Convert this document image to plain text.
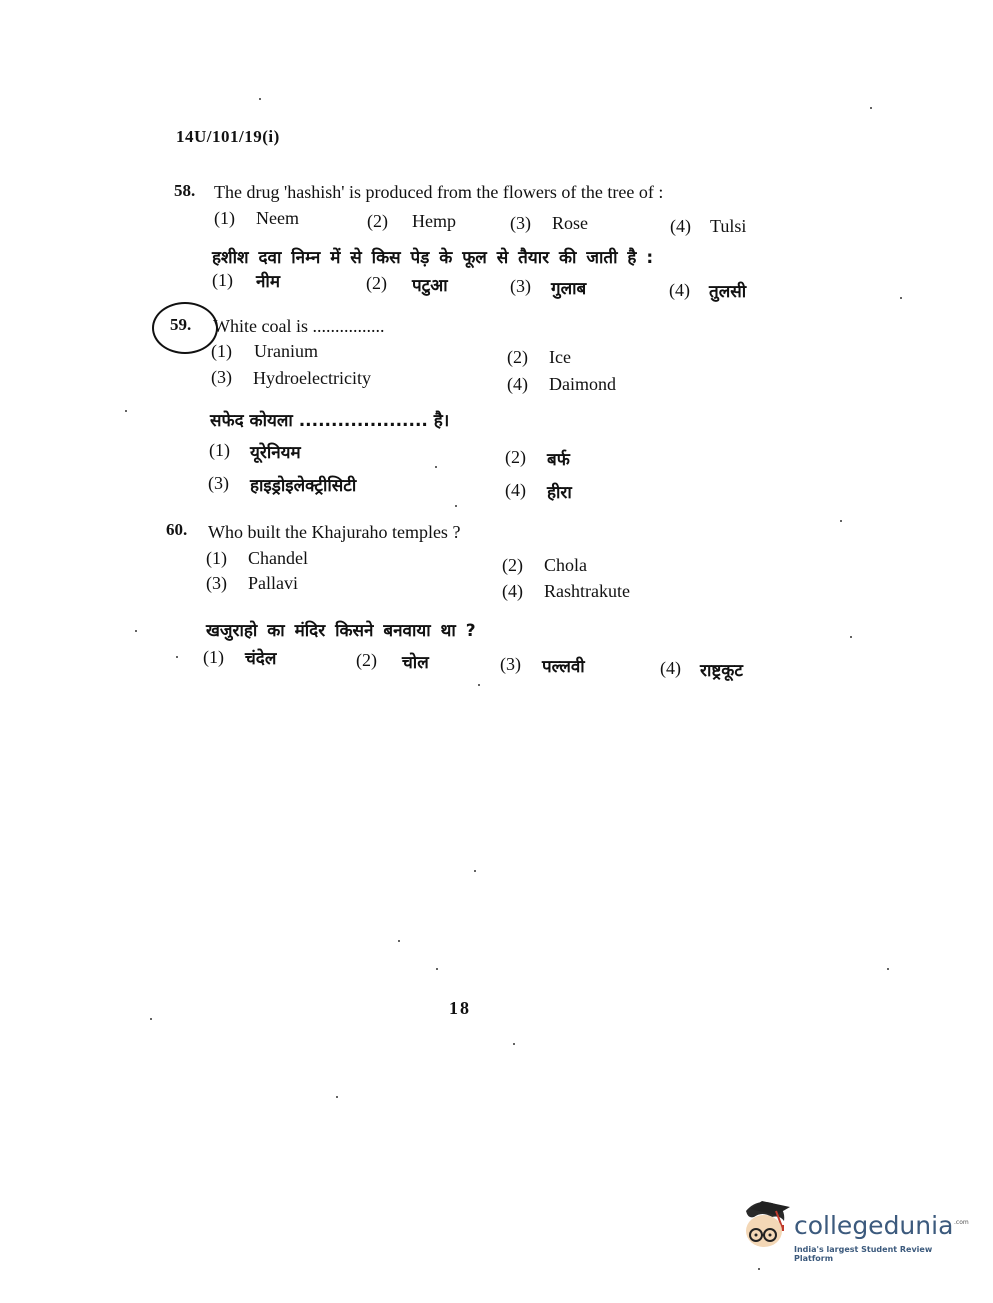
14U/101/19(i)
58. The drug 'hashish' is produced from the flowers of the tree of :
(1) Neem	(2) Hemp	(3) Rose	(4) Tulsi
हशीश दवा निम्न में से किस पेड़ के फूल से तैयार की जाती है :
(1) नीम	(2) पटुआ	(3) गुलाब	(4) तुलसी
59. White coal is ................
(1) Uranium	(2) Ice
(3) Hydroelectricity	(4) Daimond
सफेद कोयला .................... है।
(1) यूरेनियम	(2) बर्फ
(3) हाइड्रोइलेक्ट्रीसिटी	(4) हीरा
60. Who built the Khajuraho temples ?
(1) Chandel	(2) Chola
(3) Pallavi	(4) Rashtrakute
खजुराहो का मंदिर किसने बनवाया था ?
(1) चंदेल	(2) चोल	(3) पल्लवी	(4) राष्ट्रकूट
18
collegedunia .com
India's largest Student Review Platform
